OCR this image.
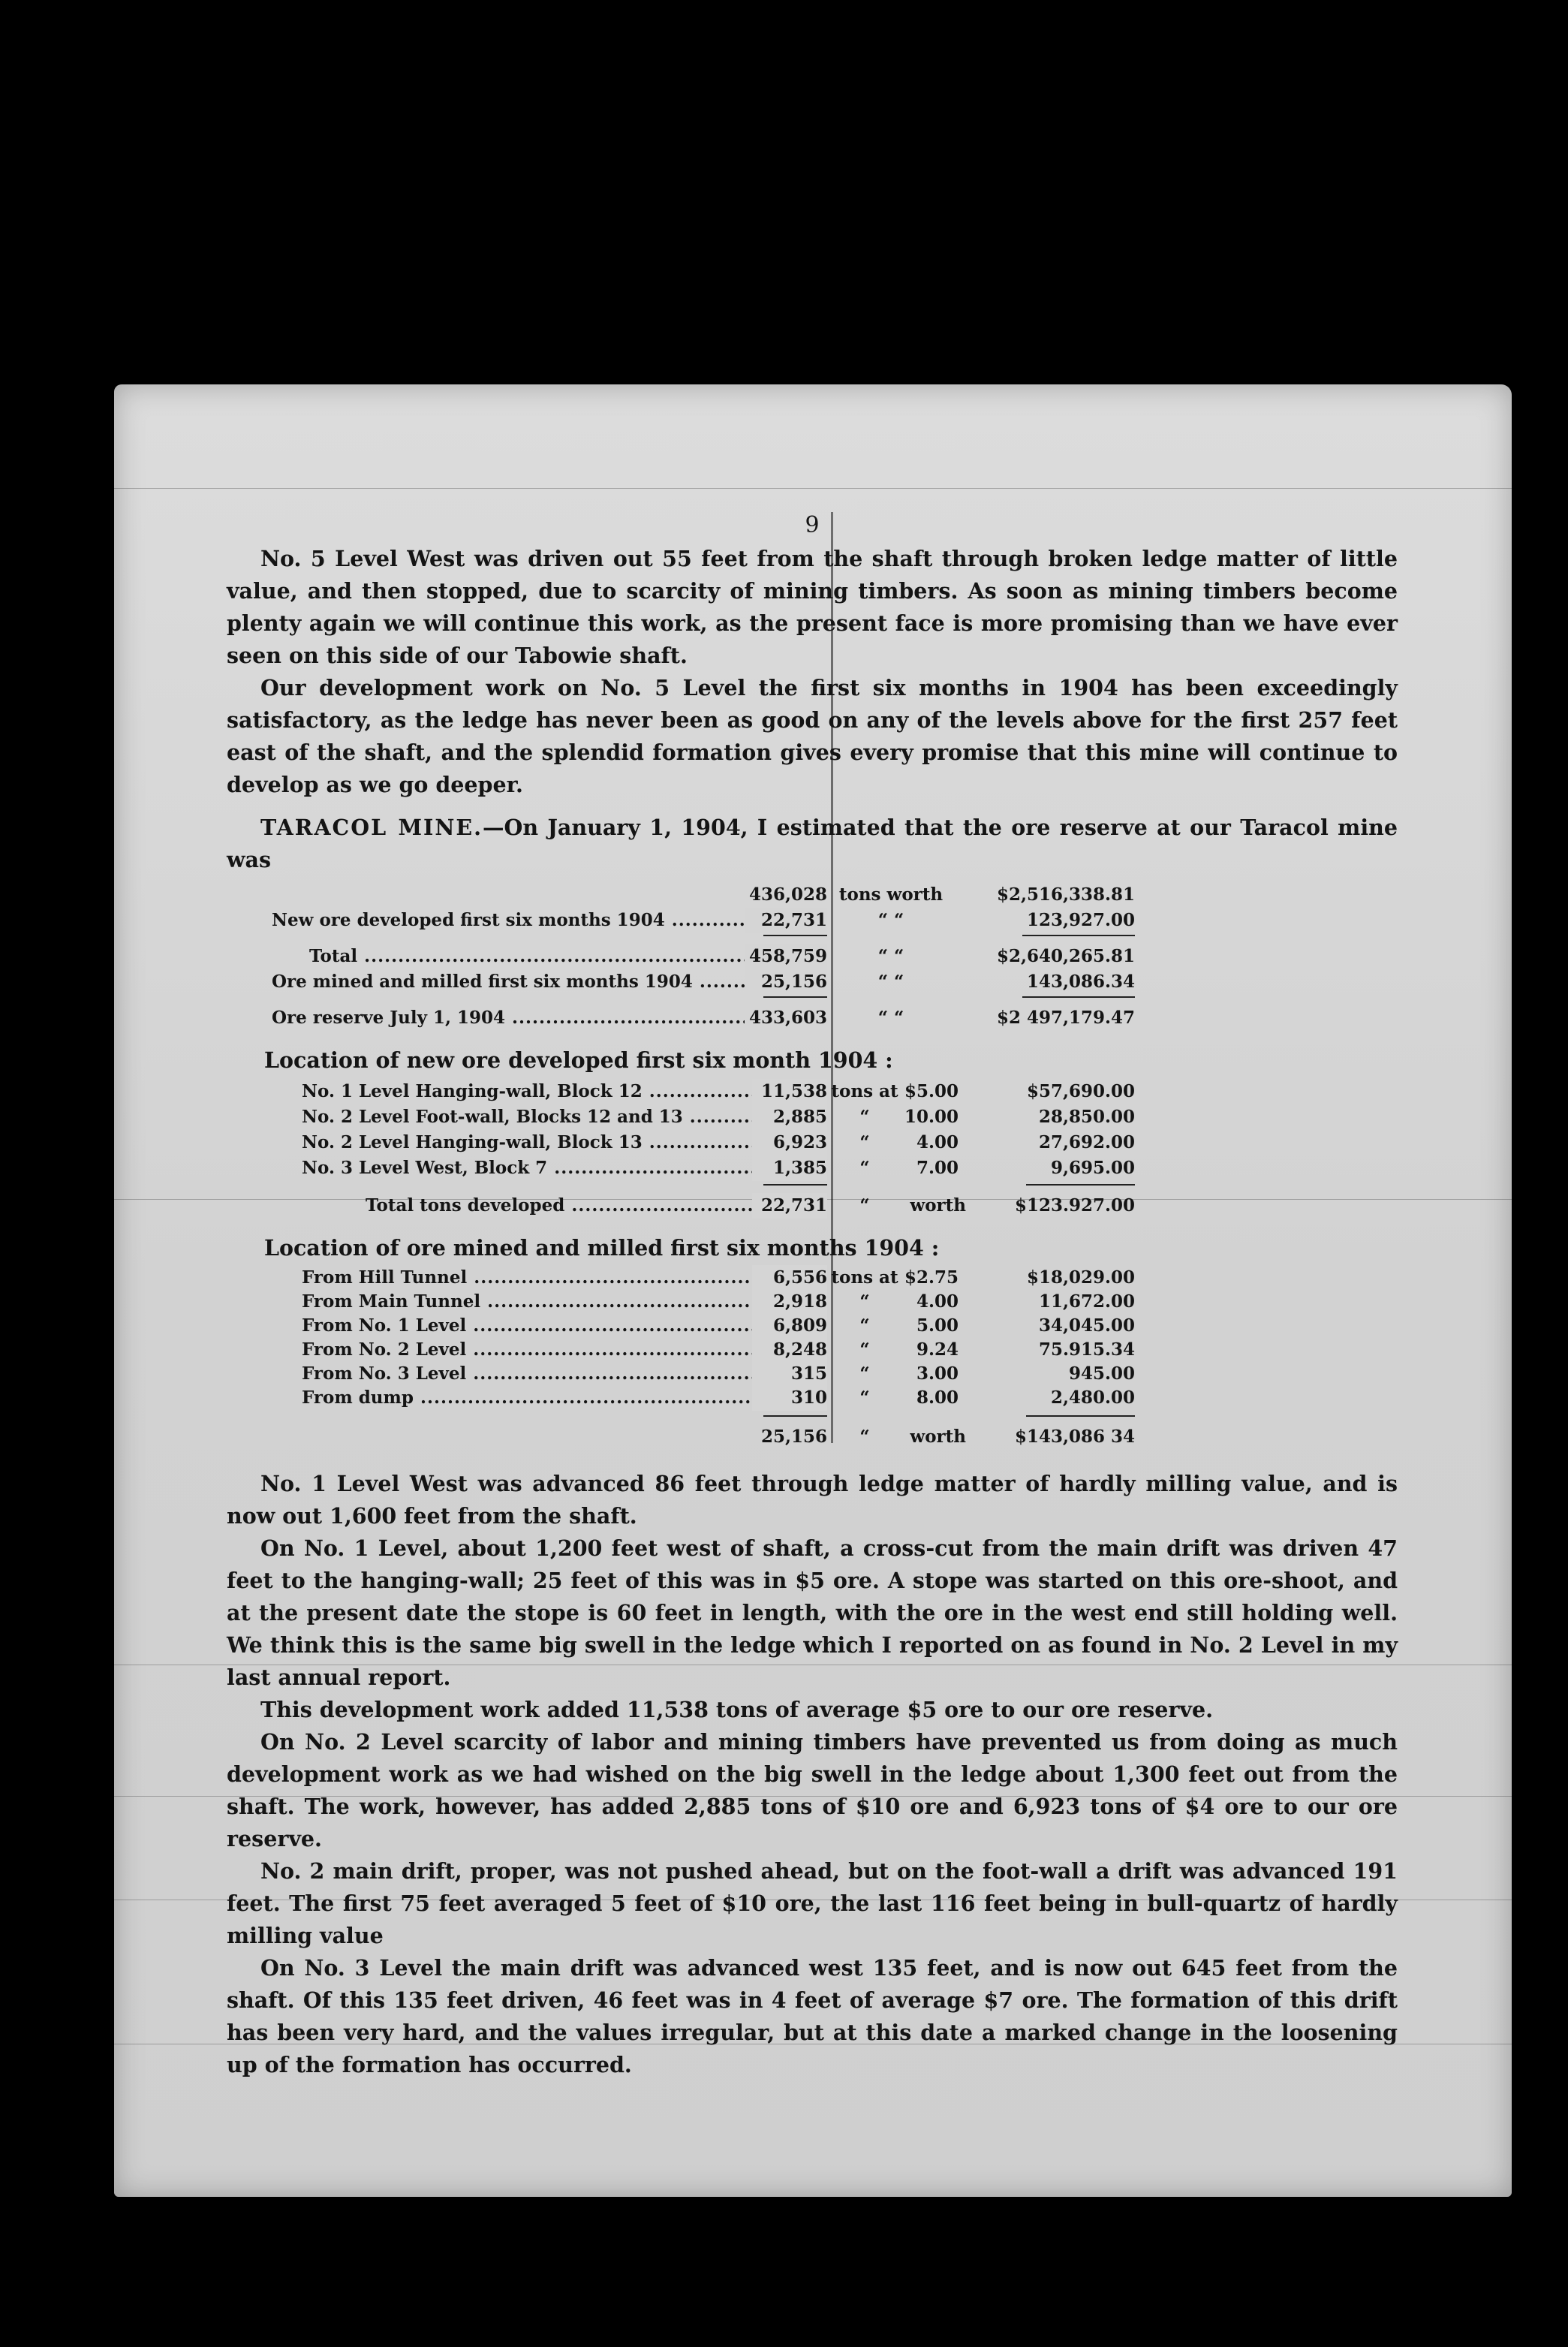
9

No. 5 Level West was driven out 55 feet from the shaft through broken ledge matter of little value, and then stopped, due to scarcity of mining timbers. As soon as mining timbers become plenty again we will continue this work, as the present face is more promising than we have ever seen on this side of our Tabowie shaft.

Our development work on No. 5 Level the first six months in 1904 has been exceedingly satisfactory, as the ledge has never been as good on any of the levels above for the first 257 feet east of the shaft, and the splendid formation gives every promise that this mine will continue to develop as we go deeper.

TARACOL MINE.—On January 1, 1904, I estimated that the ore reserve at our Taracol mine was

436,028 tons worth	$2,516,338.81
New ore developed first six months 1904 .....	22,731	“ “	123,927.00
Total .....	458,759	“ “	$2,640,265.81
Ore mined and milled first six months 1904 .....	25,156	“ “	143,086.34
Ore reserve July 1, 1904 .....	433,603	“ “	$2 497,179.47
Location of new ore developed first six month 1904 :
No. 1 Level Hanging-wall, Block 12 .....	11,538 tons at $5.00	$57,690.00
No. 2 Level Foot-wall, Blocks 12 and 13 .....	2,885	“	10.00	28,850.00
No. 2 Level Hanging-wall, Block 13 .....	6,923	“	4.00	27,692.00
No. 3 Level West, Block 7 .....	1,385	“	7.00	9,695.00
Total tons developed .....	22,731	“	worth	$123.927.00
Location of ore mined and milled first six months 1904 :
From Hill Tunnel .....	6,556 tons at $2.75	$18,029.00
From Main Tunnel .....	2,918	“	4.00	11,672.00
From No. 1 Level .....	6,809	“	5.00	34,045.00
From No. 2 Level .....	8,248	“	9.24	75.915.34
From No. 3 Level .....	315	“	3.00	945.00
From dump .....	310	“	8.00	2,480.00
25,156	“	worth	$143,086 34

No. 1 Level West was advanced 86 feet through ledge matter of hardly milling value, and is now out 1,600 feet from the shaft.

On No. 1 Level, about 1,200 feet west of shaft, a cross-cut from the main drift was driven 47 feet to the hanging-wall; 25 feet of this was in $5 ore. A stope was started on this ore-shoot, and at the present date the stope is 60 feet in length, with the ore in the west end still holding well. We think this is the same big swell in the ledge which I reported on as found in No. 2 Level in my last annual report.

This development work added 11,538 tons of average $5 ore to our ore reserve.

On No. 2 Level scarcity of labor and mining timbers have prevented us from doing as much development work as we had wished on the big swell in the ledge about 1,300 feet out from the shaft. The work, however, has added 2,885 tons of $10 ore and 6,923 tons of $4 ore to our ore reserve.

No. 2 main drift, proper, was not pushed ahead, but on the foot-wall a drift was advanced 191 feet. The first 75 feet averaged 5 feet of $10 ore, the last 116 feet being in bull-quartz of hardly milling value

On No. 3 Level the main drift was advanced west 135 feet, and is now out 645 feet from the shaft. Of this 135 feet driven, 46 feet was in 4 feet of average $7 ore. The formation of this drift has been very hard, and the values irregular, but at this date a marked change in the loosening up of the formation has occurred.
